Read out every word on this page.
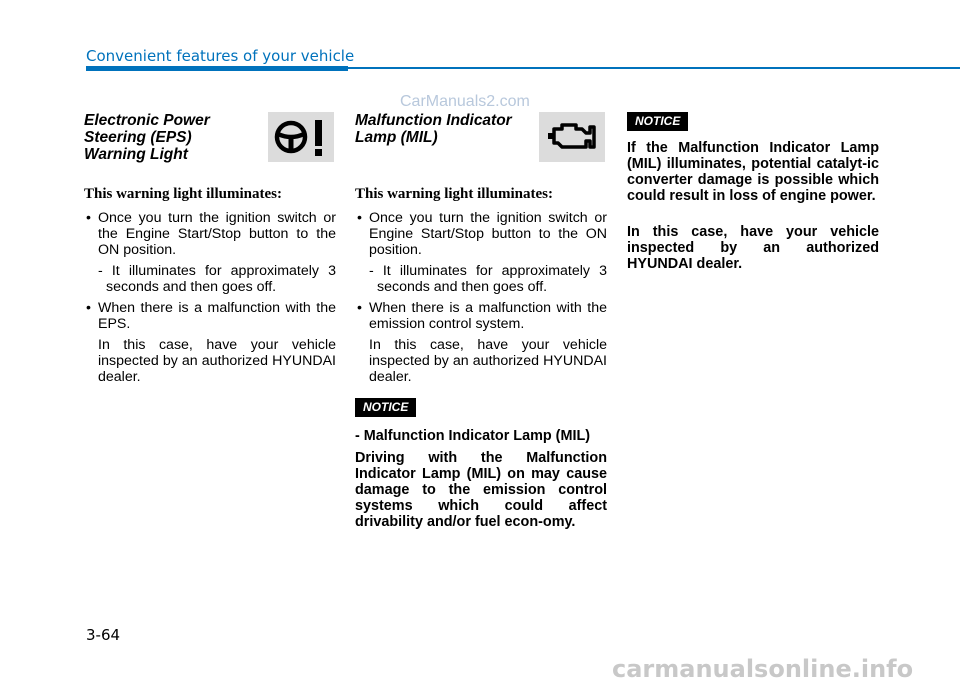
Convenient features of your vehicle
CarManuals2.com

Electronic Power
Steering (EPS)
Warning Light

This warning light illuminates:

• Once you turn the ignition switch or the Engine Start/Stop button to the ON position.
- It illuminates for approximately 3 seconds and then goes off.
• When there is a malfunction with the EPS.
In this case, have your vehicle inspected by an authorized HYUNDAI dealer.

Malfunction Indicator
Lamp (MIL)

This warning light illuminates:

• Once you turn the ignition switch or Engine Start/Stop button to the ON position.
- It illuminates for approximately 3 seconds and then goes off.
• When there is a malfunction with the emission control system.
In this case, have your vehicle inspected by an authorized HYUNDAI dealer.
NOTICE

- Malfunction Indicator Lamp (MIL)

Driving with the Malfunction Indicator Lamp (MIL) on may cause damage to the emission control systems which could affect drivability and/or fuel econ-omy.

NOTICE

If the Malfunction Indicator Lamp (MIL) illuminates, potential catalyt-ic converter damage is possible which could result in loss of engine power.

In this case, have your vehicle inspected by an authorized HYUNDAI dealer.

3-64
carmanualsonline.info
